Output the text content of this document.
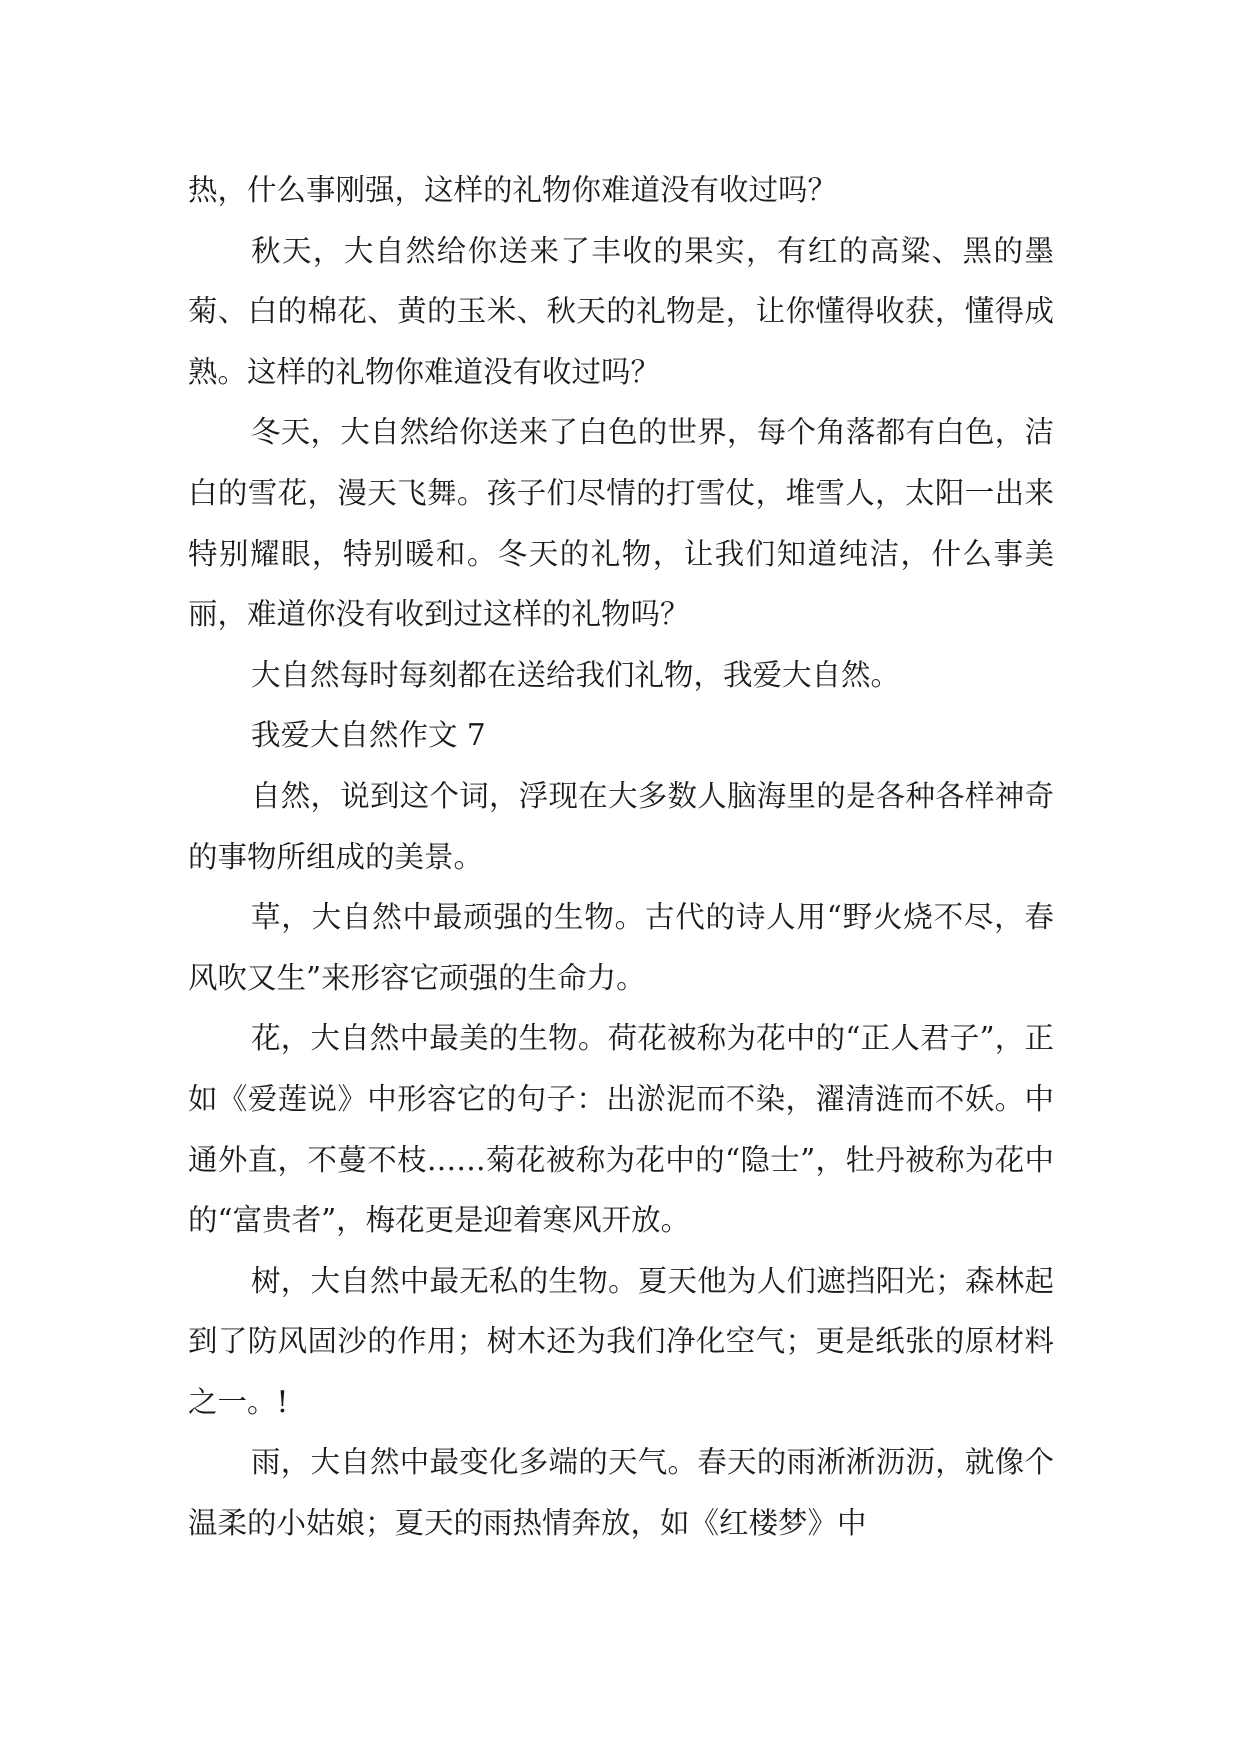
热，什么事刚强，这样的礼物你难道没有收过吗？

秋天，大自然给你送来了丰收的果实，有红的高粱、黑的墨菊、白的棉花、黄的玉米、秋天的礼物是，让你懂得收获，懂得成熟。这样的礼物你难道没有收过吗？

冬天，大自然给你送来了白色的世界，每个角落都有白色，洁白的雪花，漫天飞舞。孩子们尽情的打雪仗，堆雪人，太阳一出来特别耀眼，特别暖和。冬天的礼物，让我们知道纯洁，什么事美丽，难道你没有收到过这样的礼物吗？

大自然每时每刻都在送给我们礼物，我爱大自然。

我爱大自然作文 7

自然，说到这个词，浮现在大多数人脑海里的是各种各样神奇的事物所组成的美景。

草，大自然中最顽强的生物。古代的诗人用“野火烧不尽，春风吹又生”来形容它顽强的生命力。

花，大自然中最美的生物。荷花被称为花中的“正人君子”，正如《爱莲说》中形容它的句子：出淤泥而不染，濯清涟而不妖。中通外直，不蔓不枝……菊花被称为花中的“隐士”，牡丹被称为花中的“富贵者”，梅花更是迎着寒风开放。

树，大自然中最无私的生物。夏天他为人们遮挡阳光；森林起到了防风固沙的作用；树木还为我们净化空气；更是纸张的原材料之一。!

雨，大自然中最变化多端的天气。春天的雨淅淅沥沥，就像个温柔的小姑娘；夏天的雨热情奔放，如《红楼梦》中
